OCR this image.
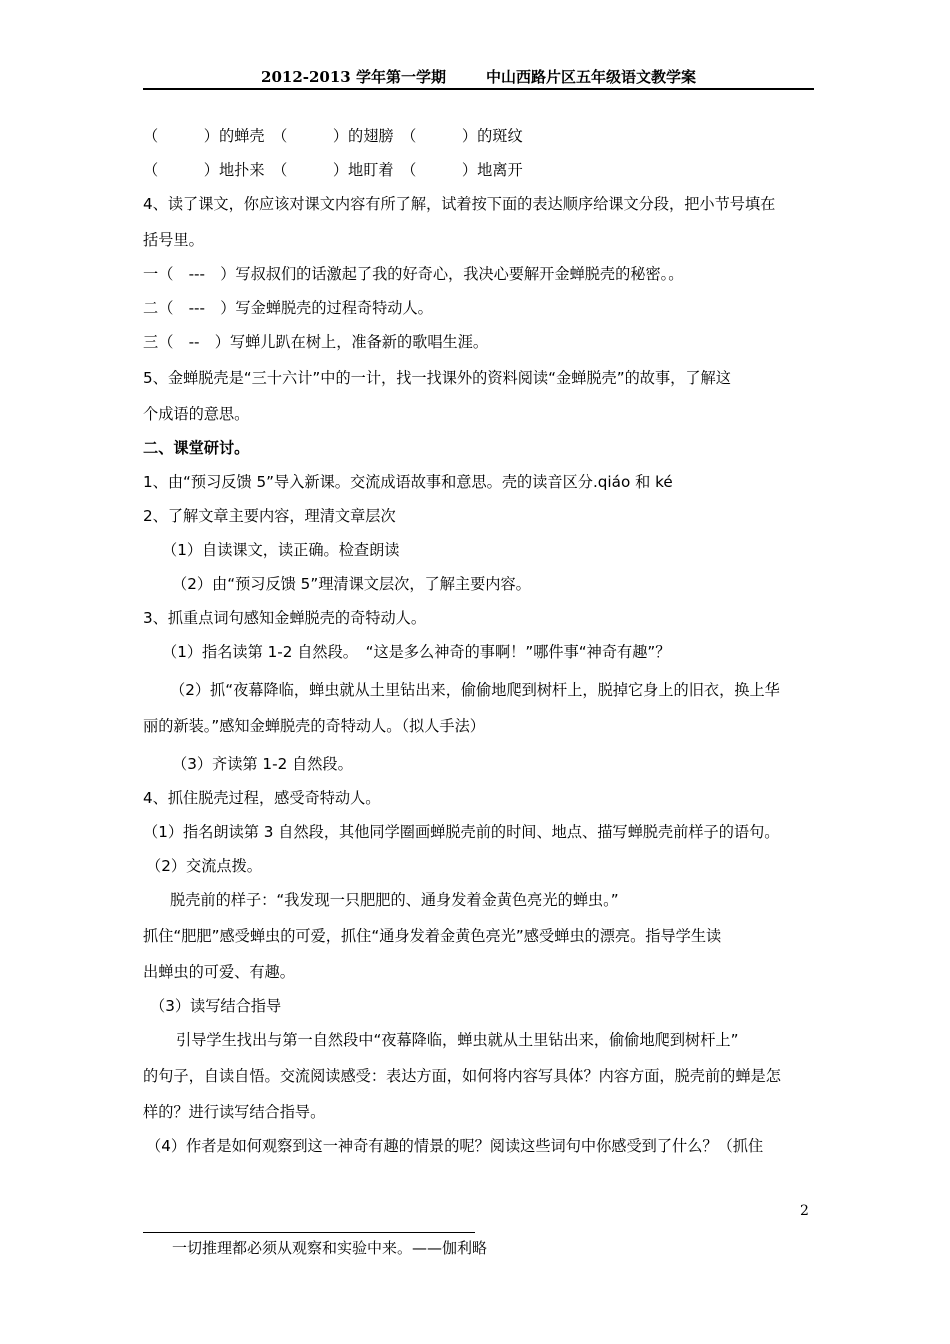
2012-2013 学年第一学期	中山西路片区五年级语文教学案
（　　　）的蝉壳　（　　　）的翅膀　（　　　）的斑纹
（　　　）地扑来　（　　　）地盯着　（　　　）地离开
4、读了课文，你应该对课文内容有所了解，试着按下面的表达顺序给课文分段，把小节号填在
括号里。
一（　---　）写叔叔们的话激起了我的好奇心，我决心要解开金蝉脱壳的秘密。。
二（　---　）写金蝉脱壳的过程奇特动人。
三（　--　）写蝉儿趴在树上，准备新的歌唱生涯。
5、金蝉脱壳是“三十六计”中的一计，找一找课外的资料阅读“金蝉脱壳”的故事，了解这
个成语的意思。
二、课堂研讨。
1、由“预习反馈 5”导入新课。交流成语故事和意思。壳的读音区分.qiáo 和 ké
2、了解文章主要内容，理清文章层次
（1）自读课文，读正确。检查朗读
（2）由“预习反馈 5”理清课文层次，了解主要内容。
3、抓重点词句感知金蝉脱壳的奇特动人。
（1）指名读第 1-2 自然段。　“这是多么神奇的事啊！”哪件事“神奇有趣”？
（2）抓“夜幕降临，蝉虫就从土里钻出来，偷偷地爬到树杆上，脱掉它身上的旧衣，换上华
丽的新装。”感知金蝉脱壳的奇特动人。（拟人手法）
（3）齐读第 1-2 自然段。
4、抓住脱壳过程，感受奇特动人。
（1）指名朗读第 3 自然段，其他同学圈画蝉脱壳前的时间、地点、描写蝉脱壳前样子的语句。
（2）交流点拨。
脱壳前的样子：“我发现一只肥肥的、通身发着金黄色亮光的蝉虫。”
抓住“肥肥”感受蝉虫的可爱，抓住“通身发着金黄色亮光”感受蝉虫的漂亮。指导学生读
出蝉虫的可爱、有趣。
（3）读写结合指导
引导学生找出与第一自然段中“夜幕降临，蝉虫就从土里钻出来，偷偷地爬到树杆上”
的句子，自读自悟。交流阅读感受：表达方面，如何将内容写具体？内容方面，脱壳前的蝉是怎
样的？进行读写结合指导。
（4）作者是如何观察到这一神奇有趣的情景的呢？阅读这些词句中你感受到了什么？（抓住
2
一切推理都必须从观察和实验中来。——伽利略
